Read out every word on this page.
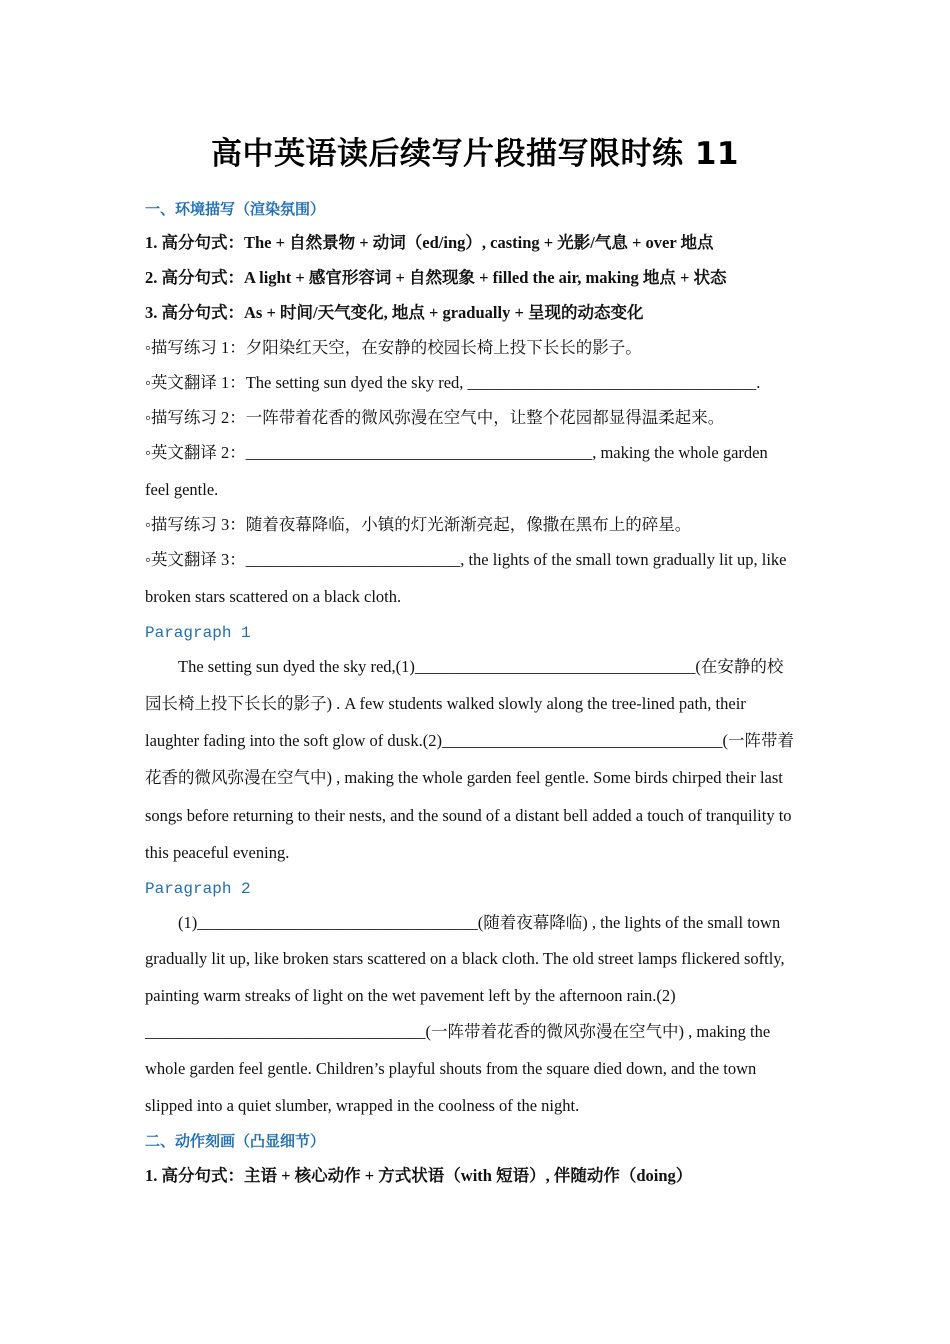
高中英语读后续写片段描写限时练 11
一、环境描写（渲染氛围）
1. 高分句式：The + 自然景物 + 动词（ed/ing）, casting + 光影/气息 + over 地点
2. 高分句式：A light + 感官形容词 + 自然现象 + filled the air, making 地点 + 状态
3. 高分句式：As + 时间/天气变化, 地点 + gradually + 呈现的动态变化
◦描写练习 1：夕阳染红天空，在安静的校园长椅上投下长长的影子。
◦英文翻译 1：The setting sun dyed the sky red, ___________________________________.
◦描写练习 2：一阵带着花香的微风弥漫在空气中，让整个花园都显得温柔起来。
◦英文翻译 2：__________________________________________, making the whole garden
feel gentle.
◦描写练习 3：随着夜幕降临，小镇的灯光渐渐亮起，像撒在黑布上的碎星。
◦英文翻译 3：__________________________, the lights of the small town gradually lit up, like
broken stars scattered on a black cloth.
Paragraph 1
The setting sun dyed the sky red,(1)__________________________________(在安静的校
园长椅上投下长长的影子) . A few students walked slowly along the tree-lined path, their
laughter fading into the soft glow of dusk.(2)__________________________________(一阵带着
花香的微风弥漫在空气中) , making the whole garden feel gentle. Some birds chirped their last
songs before returning to their nests, and the sound of a distant bell added a touch of tranquility to
this peaceful evening.
Paragraph 2
(1)__________________________________(随着夜幕降临) , the lights of the small town
gradually lit up, like broken stars scattered on a black cloth. The old street lamps flickered softly,
painting warm streaks of light on the wet pavement left by the afternoon rain.(2)
__________________________________(一阵带着花香的微风弥漫在空气中) , making the
whole garden feel gentle. Children’s playful shouts from the square died down, and the town
slipped into a quiet slumber, wrapped in the coolness of the night.
二、动作刻画（凸显细节）
1. 高分句式：主语 + 核心动作 + 方式状语（with 短语）, 伴随动作（doing）
